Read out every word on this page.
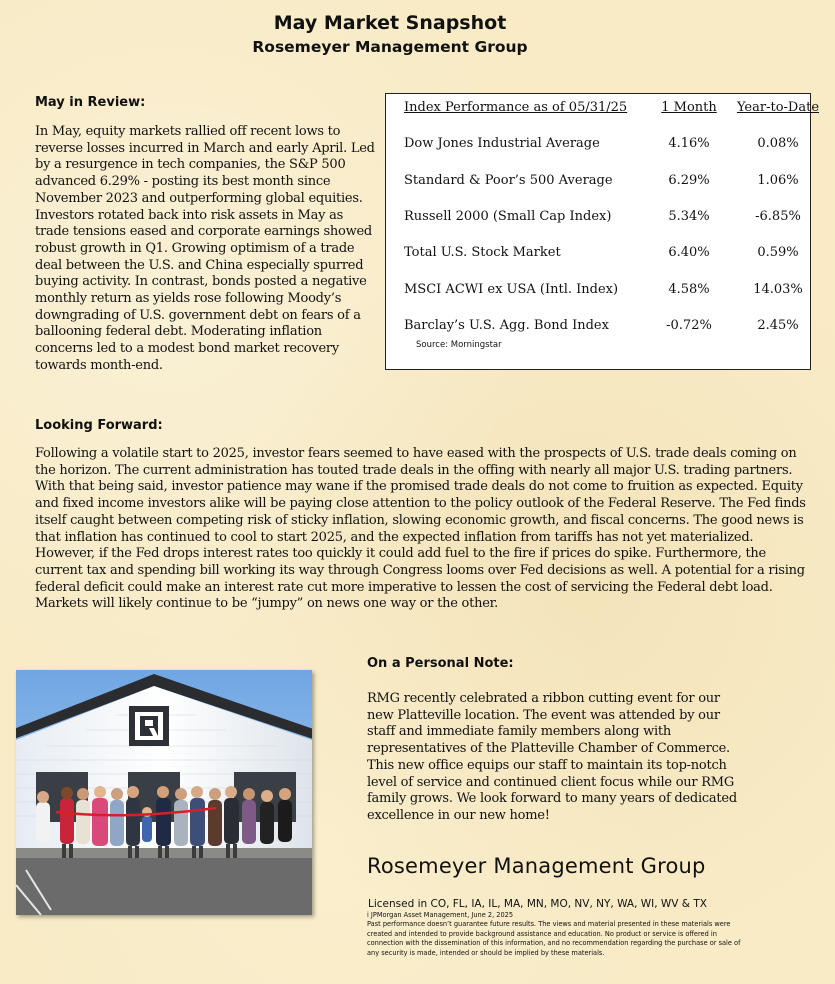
May Market Snapshot
Rosemeyer Management Group
May in Review:
In May, equity markets rallied off recent lows to reverse losses incurred in March and early April. Led by a resurgence in tech companies, the S&P 500 advanced 6.29% - posting its best month since November 2023 and outperforming global equities. Investors rotated back into risk assets in May as trade tensions eased and corporate earnings showed robust growth in Q1. Growing optimism of a trade deal between the U.S. and China especially spurred buying activity. In contrast, bonds posted a negative monthly return as yields rose following Moody’s downgrading of U.S. government debt on fears of a ballooning federal debt. Moderating inflation concerns led to a modest bond market recovery towards month-end.
Index Performance as of 05/31/25	1 Month	Year-to-Date
Dow Jones Industrial Average	4.16%	0.08%
Standard & Poor’s 500 Average	6.29%	1.06%
Russell 2000 (Small Cap Index)	5.34%	-6.85%
Total U.S. Stock Market	6.40%	0.59%
MSCI ACWI ex USA (Intl. Index)	4.58%	14.03%
Barclay’s U.S. Agg. Bond Index	-0.72%	2.45%
Source: Morningstar
Looking Forward:
Following a volatile start to 2025, investor fears seemed to have eased with the prospects of U.S. trade deals coming on the horizon. The current administration has touted trade deals in the offing with nearly all major U.S. trading partners. With that being said, investor patience may wane if the promised trade deals do not come to fruition as expected. Equity and fixed income investors alike will be paying close attention to the policy outlook of the Federal Reserve. The Fed finds itself caught between competing risk of sticky inflation, slowing economic growth, and fiscal concerns. The good news is that inflation has continued to cool to start 2025, and the expected inflation from tariffs has not yet materialized. However, if the Fed drops interest rates too quickly it could add fuel to the fire if prices do spike. Furthermore, the current tax and spending bill working its way through Congress looms over Fed decisions as well. A potential for a rising federal deficit could make an interest rate cut more imperative to lessen the cost of servicing the Federal debt load. Markets will likely continue to be “jumpy” on news one way or the other.
On a Personal Note:
RMG recently celebrated a ribbon cutting event for our new Platteville location. The event was attended by our staff and immediate family members along with representatives of the Platteville Chamber of Commerce. This new office equips our staff to maintain its top-notch level of service and continued client focus while our RMG family grows. We look forward to many years of dedicated excellence in our new home!
Rosemeyer Management Group
Licensed in CO, FL, IA, IL, MA, MN, MO, NV, NY, WA, WI, WV & TX
i JPMorgan Asset Management, June 2, 2025
Past performance doesn’t guarantee future results. The views and material presented in these materials were created and intended to provide background assistance and education. No product or service is offered in connection with the dissemination of this information, and no recommendation regarding the purchase or sale of any security is made, intended or should be implied by these materials.
